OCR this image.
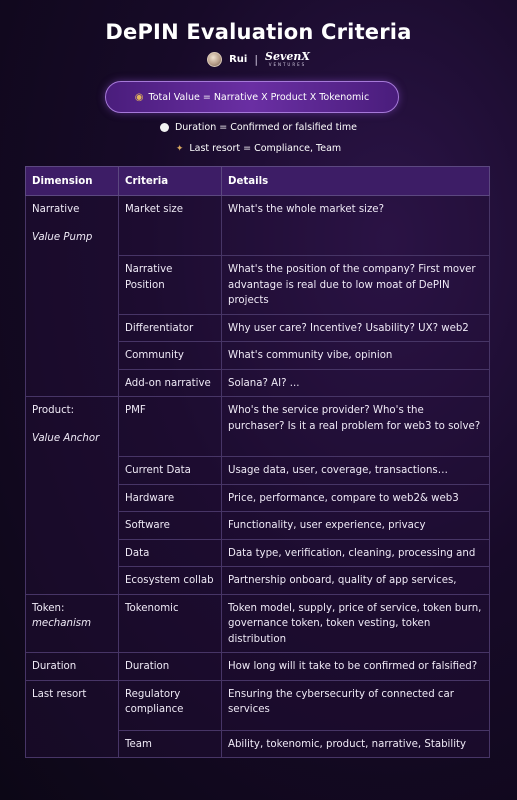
DePIN Evaluation Criteria
Rui | SevenX
VENTURES
◉ Total Value = Narrative X Product X Tokenomic
Duration = Confirmed or falsified time
✦ Last resort = Compliance, Team
Dimension	Criteria	Details

Narrative
Value Pump	Market size	What's the whole market size?
	Narrative Position	What's the position of the company? First mover advantage is real due to low moat of DePIN projects
	Differentiator	Why user care? Incentive? Usability? UX? web2
	Community	What's community vibe, opinion
	Add-on narrative	Solana? AI? ...

Product:
Value Anchor	PMF	Who's the service provider? Who's the purchaser? Is it a real problem for web3 to solve?
	Current Data	Usage data, user, coverage, transactions…
	Hardware	Price, performance, compare to web2& web3
	Software	Functionality, user experience, privacy
	Data	Data type, verification, cleaning, processing and
	Ecosystem collab	Partnership onboard, quality of app services,

Token:
mechanism	Tokenomic	Token model, supply, price of service, token burn, governance token, token vesting, token distribution

Duration	Duration	How long will it take to be confirmed or falsified?

Last resort	Regulatory compliance	Ensuring the cybersecurity of connected car services
	Team	Ability, tokenomic, product, narrative, Stability
